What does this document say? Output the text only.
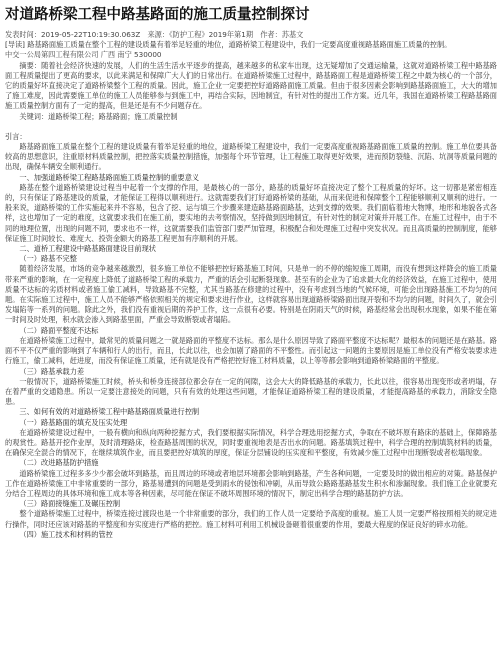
对道路桥梁工程中路基路面的施工质量控制探讨
发表时间：2019-05-22T10:19:30.063Z　来源：《防护工程》2019年第1期　作者：苏基文
[导读] 路基路面施工质量在整个工程的建设质量有着举足轻重的地位，道路桥梁工程建设中，我们一定要高度重视路基路面施工质量的控制。
中交一公局第四工程有限公司 广西 南宁 530000
摘要：随着社会经济快速的发展，人们的生活生活水平逐步的提高，越来越多的私家车出现，这无疑增加了交通运输量，这就对道路桥梁工程中路基路面工程质量提出了更高的要求，以此来满足和保障广大人们的日常出行。在道路桥梁施工过程中，路基路面工程是道路桥梁工程之中最为核心的一个部分，它的质量好坏直接决定了道路桥梁整个工程的质量。因此，施工企业一定要把控好道路路面施工质量。但由于很多因素会影响到路基路面施工，大大的增加了施工难度，因此需要施工单位的施工人员能够参与到施工中，再结合实际，因地制宜，有针对性的提出工作方案。近几年，我国在道路桥梁工程路基路面施工质量控制方面有了一定的提高，但是还是有不少问题存在。
关键词：道路桥梁工程；路基路面；施工质量控制
引言：
路基路面施工质量在整个工程的建设质量有着举足轻重的地位，道路桥梁工程建设中，我们一定要高度重视路基路面施工质量的控制。施工单位要具备较高的思想意识，注重原材料质量控制，把控落实质量控制措施，加强每个环节管理，让工程施工取得更好效果，进而预防裂缝、沉陷、坑洞等质量问题的出现，确保车辆安全顺利通行。
一、加强道路桥梁工程路基路面施工质量控制的重要意义
路基在整个道路桥梁建设过程当中起着一个支撑的作用，是最核心的一部分，路基的质量好坏直接决定了整个工程质量的好坏。这一切都是紧密相连的，只有保证了路基建设的质量，才能保证工程得以顺利进行。这就需要我们打好道路桥梁的基础，从而来促进和保障整个工程能够顺利又顺利的进行。一般来说，道路桥梁的工作实施起来并不容易，包含了挖、运与填三个步骤来建造路基路面路基，达到支撑的效果。我们面临着地大物博，地形和地貌各式各样，这也增加了一定的难度，这就要求我们在施工前，要实地的去考察情况，坚持做到因地制宜，有针对性的制定对策并开展工作。在施工过程中，由于不同的地理位置，出现的问题不同，要求也不一样，这就需要我们监管部门要严加管理，积极配合和处理施工过程中突发状况。而且高质量的控制制度，能够保证施工时间较长、难度大、投资金额大的路基工程更加有序顺利的开展。
二、道桥工程建设中路基路面建设目前现状
（一）路基不完整
随着经济发展，市场的竞争越来越激烈，很多施工单位不能够把控好路基施工时间，只是单一的不停的缩短施工周期，而没有想到这样降会的施工质量带来严重的影响，在一定程度上降低了道路桥梁工程的承载力，严重的话会引起断裂现象。甚至有的企业为了追求最大化的经济效益，在施工过程中，使用质量不达标的劣质材料或者施工偷工减料，导致路基不完整，尤其当路基在修建的过程中，没有考虑到当地的气候环境，可能会出现路基施工不均匀的问题。在实际施工过程中，施工人员不能够严格依照相关的规定和要求进行作业，这样就容易出现道路桥梁路面出现开裂和不均匀的问题，时间久了，就会引发塌陷等一系列的问题。除此之外，我们没有重视后期的养护工作，这一点很有必要。特别是在阴雨天气的时候，路基经常会出现积水现象，如果不能在第一时间及时处理，积水就会渗入到路基里面，严重会导致断裂或者塌陷。
（二）路面平整度不达标
在道路桥梁施工过程中，最常见的质量问题之一就是路面的平整度不达标。那么是什么原因导致了路面平整度不达标呢？最根本的问题还是在路基。路面不平不仅严重的影响到了车辆和行人的出行，而且，长此以往，也会加剧了路面的不平整性。而引起这一问题的主要原因是施工单位没有严格安装要求进行施工，偷工减料，赶进度，而没有保证施工质量，还有就是没有严格把控好施工材料质量，以上等等都会影响到道路桥梁路面的平整度。
（三）路基承载力差
一般情况下，道路桥梁施工时候，桥头和桥身连接部位都会存在一定的间隙，这会大大的降低路基的承载力，长此以往，很容易出现变形或者坍塌，存在着严重的交通隐患。所以一定要注意接处的问题，只有有效的处理这些问题，才能保证道路桥梁工程的建设质量，才能提高路基的承载力，消除安全隐患。
三、如何有效的对道路桥梁工程中路基路面质量进行控制
（一）路基路面的填充及压实处理
在道路桥梁建设过程中，一般有横向和纵向两种挖掘方式，我们要根据实际情况，科学合理选用挖掘方式，争取在不破坏原有路床的基础上，保障路基的观赏性。路基开挖作业厚，及时清理路床，检查路基周围的状况，同时要重视地表是否出水的问题。路基填筑过程中，科学合理的控制填筑材料的质量，在确保完全混合的情况下，在继续填筑作业，而且要把控好填筑的厚度，保证分层铺设的压实度和平整度，有效减少施工过程中出现断裂或者松塌现象。
（二）改进路基防护措施
道路桥梁施工过程多多少少都会破坏到路基，而且周边的环境或者地层环境都会影响到路基，产生各种问题，一定要及时的做出相应的对策。路基保护工作在道路桥梁施工中非常重要的一部分，路基易遭到的问题是受到雨水的侵蚀和冲刷，从而导致公路路基路基发生积水和渗漏现象。我们施工企业就要充分结合工程周边的具体环境和施工成本等各种因素，尽可能在保证不破坏周围环境的情况下，制定出科学合理的路基防护方法。
（三）路面接缝施工及碾压控制
整个道路桥梁施工过程中，桥梁连接过渡段也是一个非常重要的部分，我们的工作人员一定要给予高度的重视。施工人员一定要严格按照相关的规定进行操作，同时还应该对路基的平整度和夯实度进行严格的把控。施工材料可利用工机械设备砸着很重要的作用，要最大程度的保证良好的碎水功能。
（四）施工技术和材料的管控
